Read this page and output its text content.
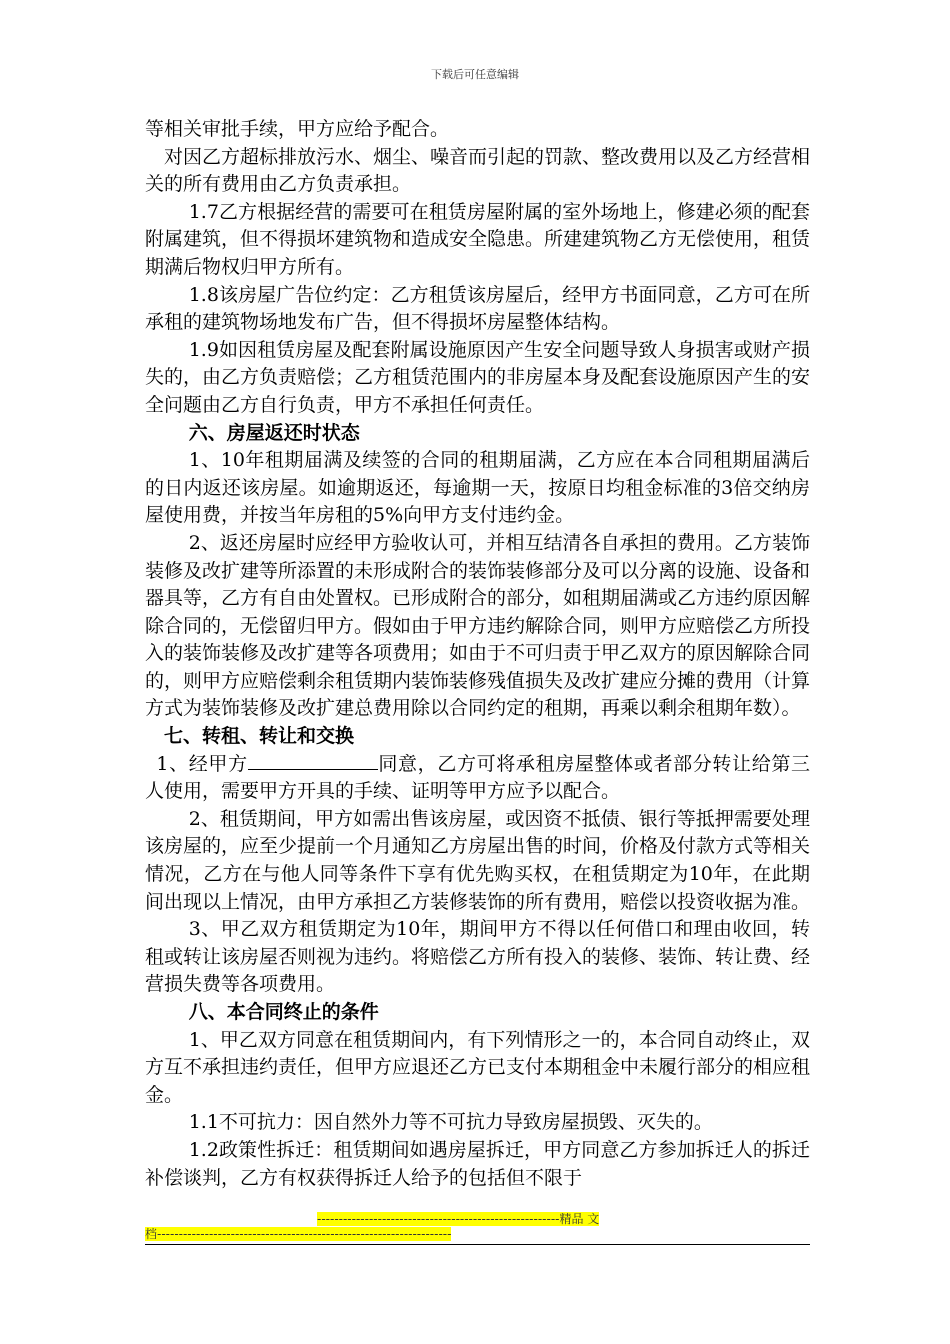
下载后可任意编辑

等相关审批手续，甲方应给予配合。

对因乙方超标排放污水、烟尘、噪音而引起的罚款、整改费用以及乙方经营相关的所有费用由乙方负责承担。

1.7乙方根据经营的需要可在租赁房屋附属的室外场地上，修建必须的配套附属建筑，但不得损坏建筑物和造成安全隐患。所建建筑物乙方无偿使用，租赁期满后物权归甲方所有。

1.8该房屋广告位约定：乙方租赁该房屋后，经甲方书面同意，乙方可在所承租的建筑物场地发布广告，但不得损坏房屋整体结构。

1.9如因租赁房屋及配套附属设施原因产生安全问题导致人身损害或财产损失的，由乙方负责赔偿；乙方租赁范围内的非房屋本身及配套设施原因产生的安全问题由乙方自行负责，甲方不承担任何责任。

六、房屋返还时状态

1、10年租期届满及续签的合同的租期届满，乙方应在本合同租期届满后的日内返还该房屋。如逾期返还，每逾期一天，按原日均租金标准的3倍交纳房屋使用费，并按当年房租的5%向甲方支付违约金。

2、返还房屋时应经甲方验收认可，并相互结清各自承担的费用。乙方装饰装修及改扩建等所添置的未形成附合的装饰装修部分及可以分离的设施、设备和器具等，乙方有自由处置权。已形成附合的部分，如租期届满或乙方违约原因解除合同的，无偿留归甲方。假如由于甲方违约解除合同，则甲方应赔偿乙方所投入的装饰装修及改扩建等各项费用；如由于不可归责于甲乙双方的原因解除合同的，则甲方应赔偿剩余租赁期内装饰装修残值损失及改扩建应分摊的费用（计算方式为装饰装修及改扩建总费用除以合同约定的租期，再乘以剩余租期年数）。

七、转租、转让和交换

1、经甲方	同意，乙方可将承租房屋整体或者部分转让给第三人使用，需要甲方开具的手续、证明等甲方应予以配合。

2、租赁期间，甲方如需出售该房屋，或因资不抵债、银行等抵押需要处理该房屋的，应至少提前一个月通知乙方房屋出售的时间，价格及付款方式等相关情况，乙方在与他人同等条件下享有优先购买权，在租赁期定为10年，在此期间出现以上情况，由甲方承担乙方装修装饰的所有费用，赔偿以投资收据为准。

3、甲乙双方租赁期定为10年，期间甲方不得以任何借口和理由收回，转租或转让该房屋否则视为违约。将赔偿乙方所有投入的装修、装饰、转让费、经营损失费等各项费用。

八、本合同终止的条件

1、甲乙双方同意在租赁期间内，有下列情形之一的，本合同自动终止，双方互不承担违约责任，但甲方应退还乙方已支付本期租金中未履行部分的相应租金。

1.1不可抗力：因自然外力等不可抗力导致房屋损毁、灭失的。

1.2政策性拆迁：租赁期间如遇房屋拆迁，甲方同意乙方参加拆迁人的拆迁补偿谈判，乙方有权获得拆迁人给予的包括但不限于

--------------------------------------------------------精品 文
档--------------------------------------------------------------------
